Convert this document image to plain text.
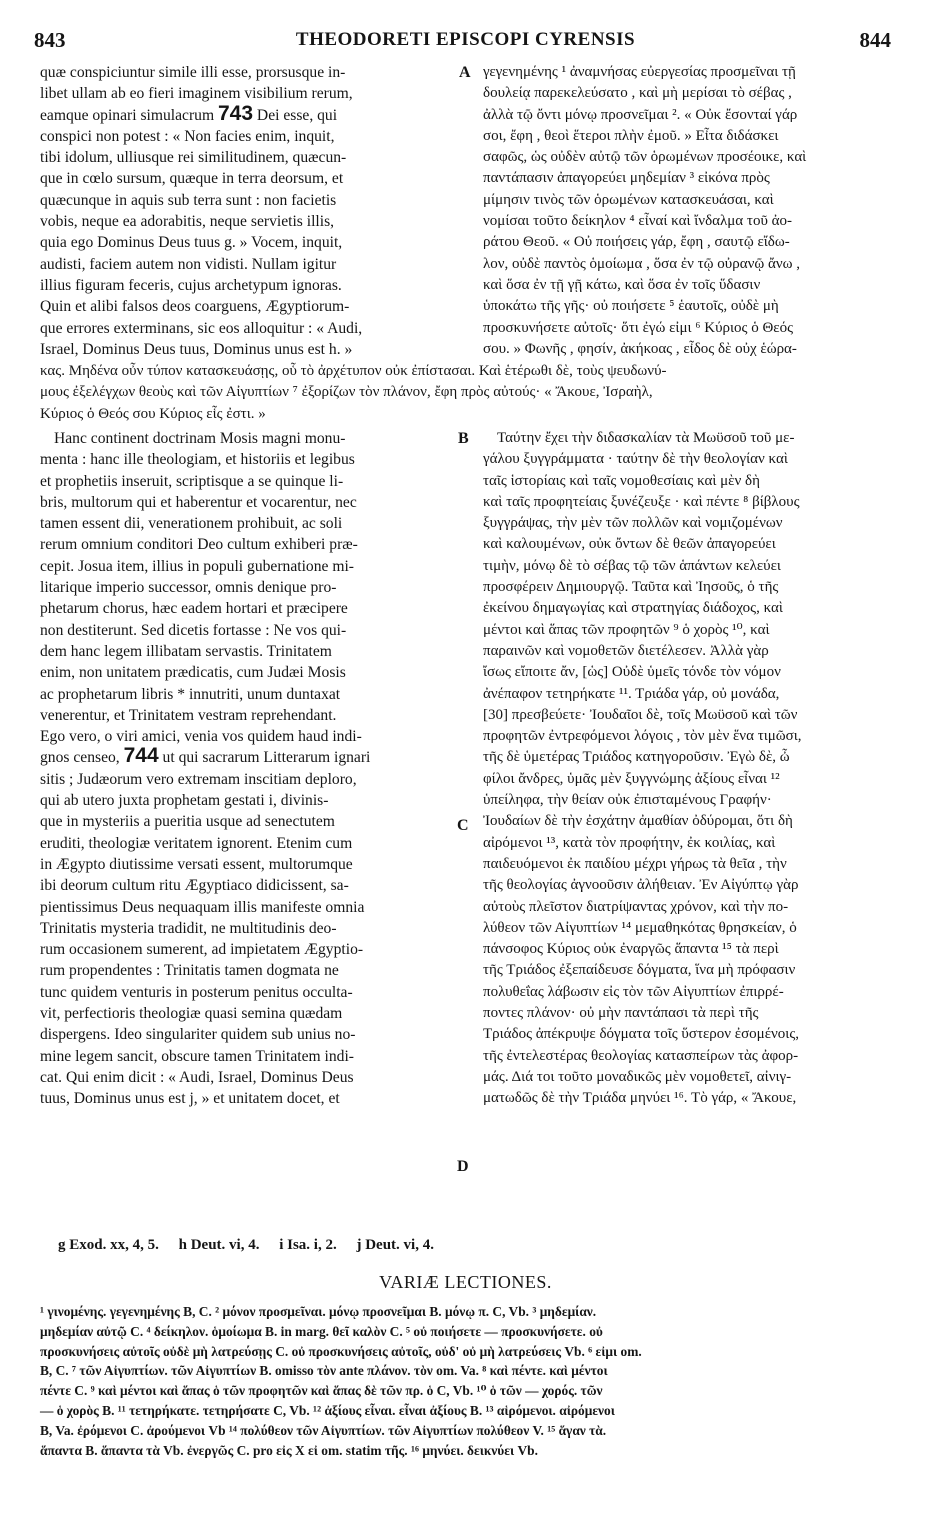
843	THEODORETI EPISCOPI CYRENSIS	844

quæ conspiciuntur simile illi esse, prorsusque in-

libet ullam ab eo fieri imaginem visibilium rerum,

eamque opinari simulacrum 743 Dei esse, qui

conspici non potest : « Non facies enim, inquit,

tibi idolum, ulliusque rei similitudinem, quæcun-

que in cœlo sursum, quæque in terra deorsum, et

quæcunque in aquis sub terra sunt : non facietis

vobis, neque ea adorabitis, neque servietis illis,

quia ego Dominus Deus tuus g. » Vocem, inquit,

audisti, faciem autem non vidisti. Nullam igitur

illius figuram feceris, cujus archetypum ignoras.

Quin et alibi falsos deos coarguens, Ægyptiorum-

que errores exterminans, sic eos alloquitur : « Audi,

Israel, Dominus Deus tuus, Dominus unus est h. »

A γεγενημένης ¹ ἀναμνήσας εὐεργεσίας προσμεῖναι τῇ

δουλείᾳ παρεκελεύσατο , καὶ μὴ μερίσαι τὸ σέβας ,

ἀλλὰ τῷ ὄντι μόνῳ προσνεῖμαι ². « Οὐκ ἔσονταί γάρ

σοι, ἔφη , θεοὶ ἕτεροι πλὴν ἐμοῦ. » Εἶτα διδάσκει

σαφῶς, ὡς οὐδὲν αὐτῷ τῶν ὁρωμένων προσέοικε, καὶ

παντάπασιν ἀπαγορεύει μηδεμίαν ³ εἰκόνα πρὸς

μίμησιν τινὸς τῶν ὁρωμένων κατασκευάσαι, καὶ

νομίσαι τοῦτο δείκηλον ⁴ εἶναί καὶ ἴνδαλμα τοῦ ἀο-

ράτου Θεοῦ. « Οὐ ποιήσεις γάρ, ἔφη , σαυτῷ εἴδω-

λον, οὐδὲ παντὸς ὁμοίωμα , ὅσα ἐν τῷ οὐρανῷ ἄνω ,

καὶ ὅσα ἐν τῇ γῇ κάτω, καὶ ὅσα ἐν τοῖς ὕδασιν

ὑποκάτω τῆς γῆς· οὐ ποιήσετε ⁵ ἑαυτοῖς, οὐδὲ μὴ

προσκυνήσετε αὐτοῖς· ὅτι ἐγώ εἰμι ⁶ Κύριος ὁ Θεός

σου. » Φωνῆς , φησίν, ἀκήκοας , εἶδος δὲ οὐχ ἑώρα-

κας. Μηδένα οὖν τύπον κατασκευάσῃς, οὗ τὸ ἀρχέτυπον οὐκ ἐπίστασαι. Καὶ ἑτέρωθι δὲ, τοὺς ψευδωνύ-

μους ἐξελέγχων θεοὺς καὶ τῶν Αἰγυπτίων ⁷ ἐξορίζων τὸν πλάνον, ἔφη πρὸς αὐτούς· « Ἄκουε, Ἰσραὴλ,

Κύριος ὁ Θεός σου Κύριος εἷς ἐστι. »

Hanc continent doctrinam Mosis magni monu-

menta : hanc ille theologiam, et historiis et legibus

et prophetiis inseruit, scriptisque a se quinque li-

bris, multorum qui et haberentur et vocarentur, nec

tamen essent dii, venerationem prohibuit, ac soli

rerum omnium conditori Deo cultum exhiberi præ-

cepit. Josua item, illius in populi gubernatione mi-

litarique imperio successor, omnis denique pro-

phetarum chorus, hæc eadem hortari et præcipere

non destiterunt. Sed dicetis fortasse : Ne vos qui-

dem hanc legem illibatam servastis. Trinitatem

enim, non unitatem prædicatis, cum Judæi Mosis

ac prophetarum libris * innutriti, unum duntaxat

venerentur, et Trinitatem vestram reprehendant.

Ego vero, o viri amici, venia vos quidem haud indi-

gnos censeo, 744 ut qui sacrarum Litterarum ignari

sitis ; Judæorum vero extremam inscitiam deploro,

qui ab utero juxta prophetam gestati i, divinis-

que in mysteriis a pueritia usque ad senectutem

eruditi, theologiæ veritatem ignorent. Etenim cum

in Ægypto diutissime versati essent, multorumque

ibi deorum cultum ritu Ægyptiaco didicissent, sa-

pientissimus Deus nequaquam illis manifeste omnia

Trinitatis mysteria tradidit, ne multitudinis deo-

rum occasionem sumerent, ad impietatem Ægyptio-

rum propendentes : Trinitatis tamen dogmata ne

tunc quidem venturis in posterum penitus occulta-

vit, perfectioris theologiæ quasi semina quædam

dispergens. Ideo singulariter quidem sub unius no-

mine legem sancit, obscure tamen Trinitatem indi-

cat. Qui enim dicit : « Audi, Israel, Dominus Deus

tuus, Dominus unus est j, » et unitatem docet, et

B
C
D

Ταύτην ἔχει τὴν διδασκαλίαν τὰ Μωϋσοῦ τοῦ με-

γάλου ξυγγράμματα · ταύτην δὲ τὴν θεολογίαν καὶ

ταῖς ἱστορίαις καὶ ταῖς νομοθεσίαις καὶ μὲν δὴ

καὶ ταῖς προφητείαις ξυνέζευξε · καὶ πέντε ⁸ βίβλους

ξυγγράψας, τὴν μὲν τῶν πολλῶν καὶ νομιζομένων

καὶ καλουμένων, οὐκ ὄντων δὲ θεῶν ἀπαγορεύει

τιμὴν, μόνῳ δὲ τὸ σέβας τῷ τῶν ἁπάντων κελεύει

προσφέρειν Δημιουργῷ. Ταῦτα καὶ Ἰησοῦς, ὁ τῆς

ἐκείνου δημαγωγίας καὶ στρατηγίας διάδοχος, καὶ

μέντοι καὶ ἅπας τῶν προφητῶν ⁹ ὁ χορὸς ¹⁰, καὶ

παραινῶν καὶ νομοθετῶν διετέλεσεν. Ἀλλὰ γὰρ

ἴσως εἴποιτε ἄν, [ὡς] Οὐδὲ ὑμεῖς τόνδε τὸν νόμον

ἀνέπαφον τετηρήκατε ¹¹. Τριάδα γάρ, οὐ μονάδα,

[30] πρεσβεύετε· Ἰουδαῖοι δὲ, τοῖς Μωϋσοῦ καὶ τῶν

προφητῶν ἐντρεφόμενοι λόγοις , τὸν μὲν ἕνα τιμῶσι,

τῆς δὲ ὑμετέρας Τριάδος κατηγοροῦσιν. Ἐγὼ δὲ, ὦ

φίλοι ἄνδρες, ὑμᾶς μὲν ξυγγνώμης ἀξίους εἶναι ¹²

ὑπείληφα, τὴν θείαν οὐκ ἐπισταμένους Γραφήν·

Ἰουδαίων δὲ τὴν ἐσχάτην ἀμαθίαν ὀδύρομαι, ὅτι δὴ

αἰρόμενοι ¹³, κατὰ τὸν προφήτην, ἐκ κοιλίας, καὶ

παιδευόμενοι ἐκ παιδίου μέχρι γήρως τὰ θεῖα , τὴν

τῆς θεολογίας ἀγνοοῦσιν ἀλήθειαν. Ἐν Αἰγύπτῳ γὰρ

αὐτοὺς πλεῖστον διατρίψαντας χρόνον, καὶ τὴν πο-

λύθεον τῶν Αἰγυπτίων ¹⁴ μεμαθηκότας θρησκείαν, ὁ

πάνσοφος Κύριος οὐκ ἐναργῶς ἅπαντα ¹⁵ τὰ περὶ

τῆς Τριάδος ἐξεπαίδευσε δόγματα, ἵνα μὴ πρόφασιν

πολυθεΐας λάβωσιν εἰς τὸν τῶν Αἰγυπτίων ἐπιρρέ-

ποντες πλάνον· οὐ μὴν παντάπασι τὰ περὶ τῆς

Τριάδος ἀπέκρυψε δόγματα τοῖς ὕστερον ἐσομένοις,

τῆς ἐντελεστέρας θεολογίας κατασπείρων τὰς ἀφορ-

μάς. Διά τοι τοῦτο μοναδικῶς μὲν νομοθετεῖ, αἰνιγ-

ματωδῶς δὲ τὴν Τριάδα μηνύει ¹⁶. Τὸ γάρ, « Ἄκουε,

g Exod. xx, 4, 5. h Deut. vi, 4. i Isa. i, 2. j Deut. vi, 4.
VARIÆ LECTIONES.

¹ γινομένης. γεγενημένης B, C. ² μόνον προσμεῖναι. μόνῳ προσνεῖμαι B. μόνῳ π. C, Vb. ³ μηδεμίαν.

μηδεμίαν αὐτῷ C. ⁴ δείκηλον. ὁμοίωμα B. in marg. θεῖ καλὸν C. ⁵ οὐ ποιήσετε — προσκυνήσετε. οὐ

προσκυνήσεις αὐτοῖς οὐδὲ μὴ λατρεύσῃς C. οὐ προσκυνήσεις αὐτοῖς, οὐδ' οὐ μὴ λατρεύσεις Vb. ⁶ εἰμι om.

B, C. ⁷ τῶν Αἰγυπτίων. τῶν Αἰγυπτίων B. omisso τὸν ante πλάνον. τὸν om. Va. ⁸ καὶ πέντε. καὶ μέντοι

πέντε C. ⁹ καὶ μέντοι καὶ ἅπας ὁ τῶν προφητῶν καὶ ἅπας δὲ τῶν πρ. ὁ C, Vb. ¹⁰ ὁ τῶν — χορός. τῶν

— ὁ χορὸς B. ¹¹ τετηρήκατε. τετηρήσατε C, Vb. ¹² ἀξίους εἶναι. εἶναι ἀξίους B. ¹³ αἱρόμενοι. αἰρόμενοι

B, Va. ἐρόμενοι C. ἀρούμενοι Vb ¹⁴ πολύθεον τῶν Αἰγυπτίων. τῶν Αἰγυπτίων πολύθεον V. ¹⁵ ἅγαν τὰ.

ἅπαντα B. ἅπαντα τὰ Vb. ἐνεργῶς C. pro εἰς X εἰ om. statim τῆς. ¹⁶ μηνύει. δεικνύει Vb.
